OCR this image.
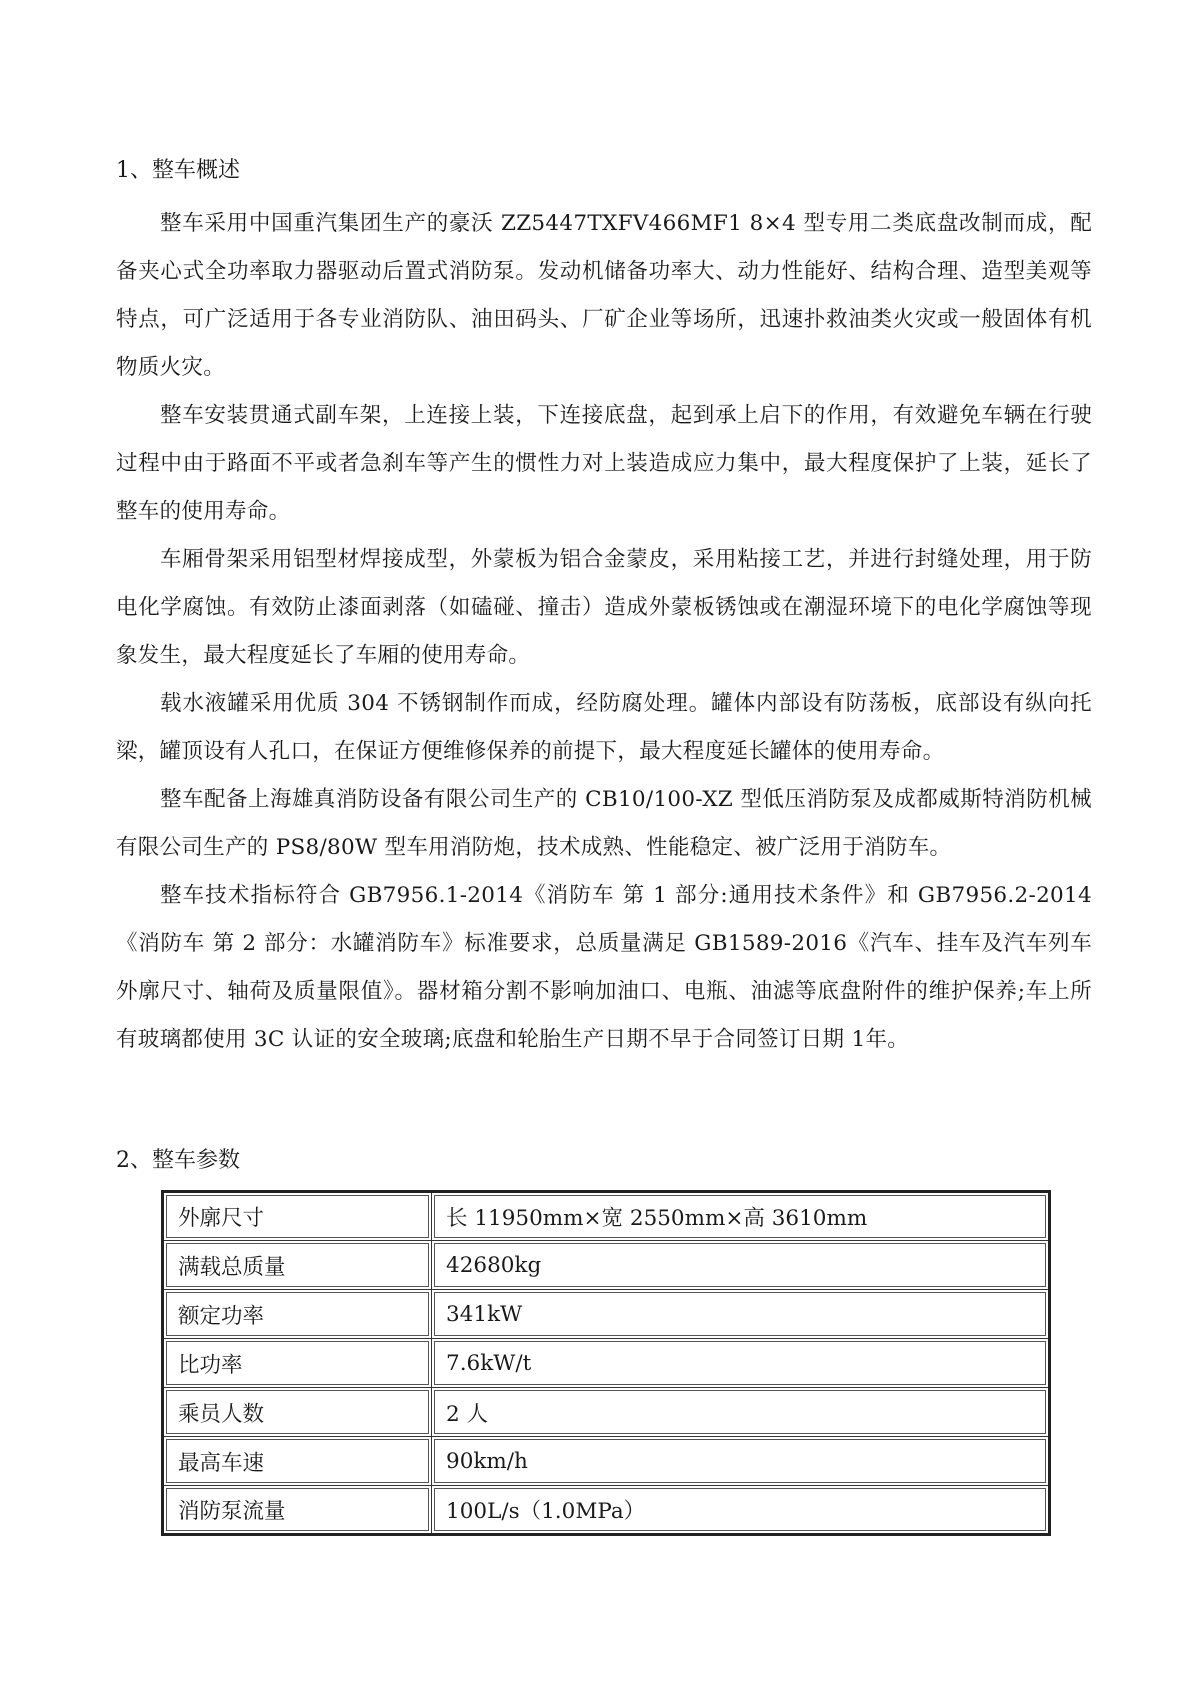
1、整车概述

整车采用中国重汽集团生产的豪沃 ZZ5447TXFV466MF1 8×4 型专用二类底盘改制而成，配备夹心式全功率取力器驱动后置式消防泵。发动机储备功率大、动力性能好、结构合理、造型美观等特点，可广泛适用于各专业消防队、油田码头、厂矿企业等场所，迅速扑救油类火灾或一般固体有机物质火灾。

整车安装贯通式副车架，上连接上装，下连接底盘，起到承上启下的作用，有效避免车辆在行驶过程中由于路面不平或者急刹车等产生的惯性力对上装造成应力集中，最大程度保护了上装，延长了整车的使用寿命。

车厢骨架采用铝型材焊接成型，外蒙板为铝合金蒙皮，采用粘接工艺，并进行封缝处理，用于防电化学腐蚀。有效防止漆面剥落（如磕碰、撞击）造成外蒙板锈蚀或在潮湿环境下的电化学腐蚀等现象发生，最大程度延长了车厢的使用寿命。

载水液罐采用优质 304 不锈钢制作而成，经防腐处理。罐体内部设有防荡板，底部设有纵向托梁，罐顶设有人孔口，在保证方便维修保养的前提下，最大程度延长罐体的使用寿命。

整车配备上海雄真消防设备有限公司生产的 CB10/100-XZ 型低压消防泵及成都威斯特消防机械有限公司生产的 PS8/80W 型车用消防炮，技术成熟、性能稳定、被广泛用于消防车。

整车技术指标符合 GB7956.1-2014《消防车 第 1 部分:通用技术条件》和 GB7956.2-2014《消防车 第 2 部分：水罐消防车》标准要求，总质量满足 GB1589-2016《汽车、挂车及汽车列车外廓尺寸、轴荷及质量限值》。器材箱分割不影响加油口、电瓶、油滤等底盘附件的维护保养;车上所有玻璃都使用 3C 认证的安全玻璃;底盘和轮胎生产日期不早于合同签订日期 1年。

2、整车参数
外廓尺寸	长 11950mm×宽 2550mm×高 3610mm
满载总质量	42680kg
额定功率	341kW
比功率	7.6kW/t
乘员人数	2 人
最高车速	90km/h
消防泵流量	100L/s（1.0MPa）
